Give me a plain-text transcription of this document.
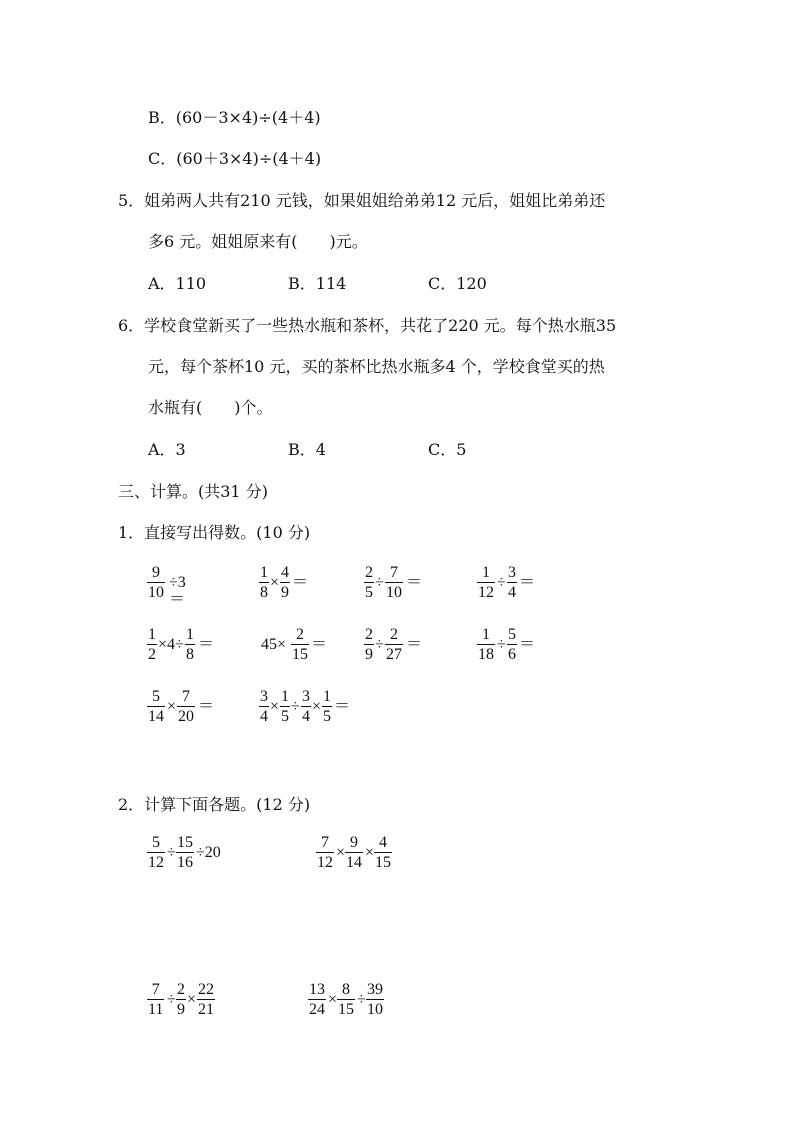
B．(60－3×4)÷(4＋4)
C．(60＋3×4)÷(4＋4)
5．姐弟两人共有210 元钱，如果姐姐给弟弟12 元后，姐姐比弟弟还
多6 元。姐姐原来有(　　)元。
A．110	B．114	C．120
6．学校食堂新买了一些热水瓶和茶杯，共花了220 元。每个热水瓶35
元，每个茶杯10 元，买的茶杯比热水瓶多4 个，学校食堂买的热
水瓶有(　　)个。
A．3	B．4	C．5
三、计算。(共31 分)
1．直接写出得数。(10 分)
9
10
÷3＝
1
8
×
4
9
＝
2
5
÷
7
10
＝
1
12
÷
3
4
＝
1
2
×4÷
1
8
＝	45×
2
15
＝
2
9
÷
2
27
＝
1
18
÷
5
6
＝
5
14
×
7
20
＝
3
4
×
1
5
÷
3
4
×
1
5
＝
2．计算下面各题。(12 分)
5
12
÷
15
16
÷20
7
12
×
9
14
×
4
15
7
11
÷
2
9
×
22
21
13
24
×
8
15
÷
39
10
